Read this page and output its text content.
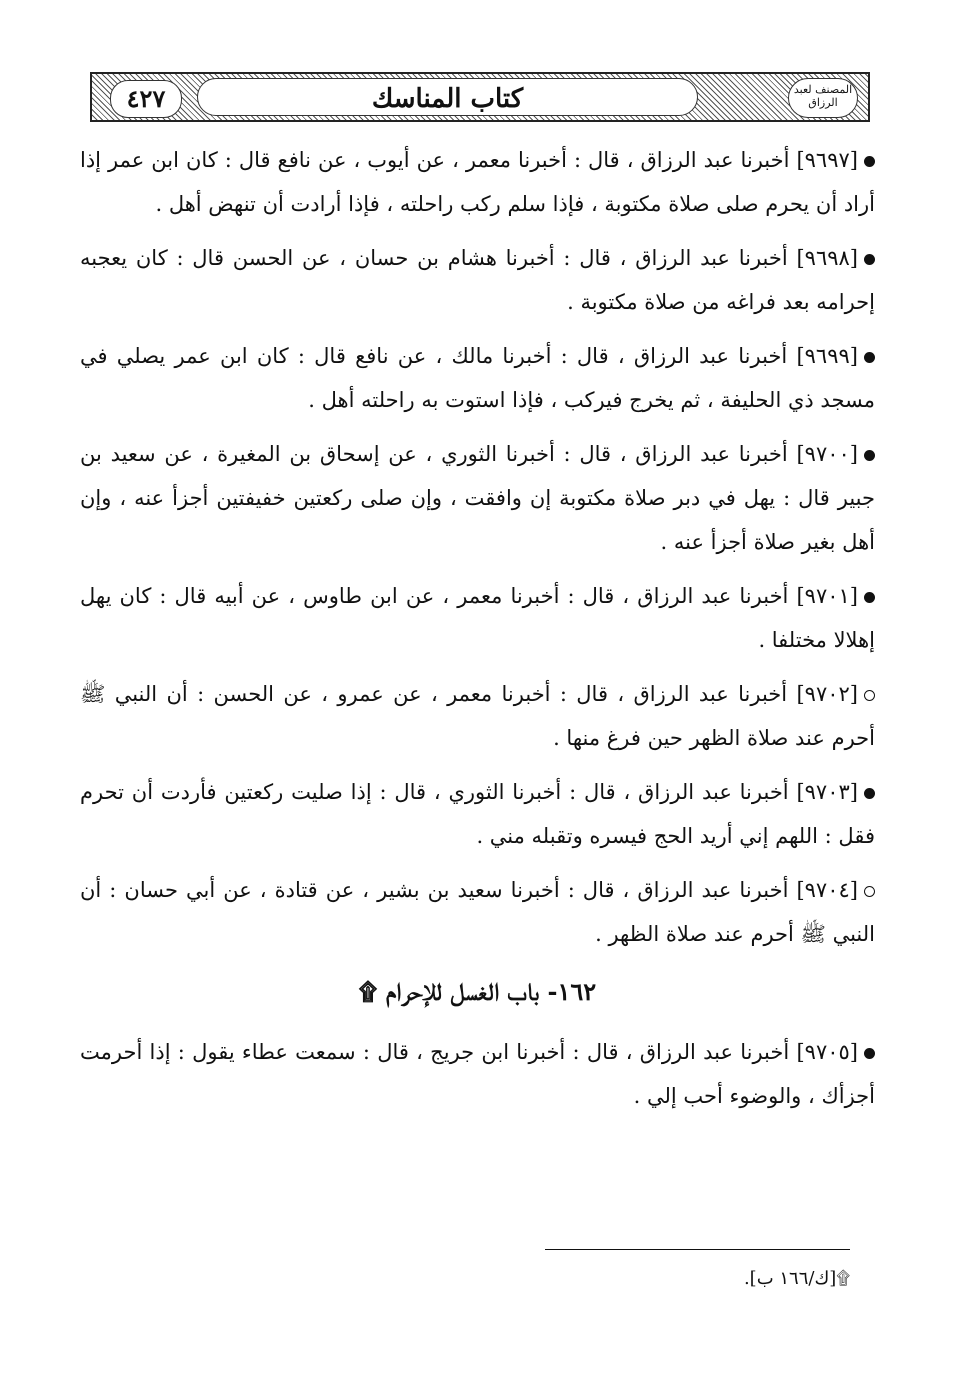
٤٢٧	كتاب المناسك	المصنف لعبد الرزاق
[٩٦٩٧] أخبرنا عبد الرزاق ، قال : أخبرنا معمر ، عن أيوب ، عن نافع قال : كان ابن عمر إذا أراد أن يحرم صلى صلاة مكتوبة ، فإذا سلم ركب راحلته ، فإذا أرادت أن تنهض أهل .
[٩٦٩٨] أخبرنا عبد الرزاق ، قال : أخبرنا هشام بن حسان ، عن الحسن قال : كان يعجبه إحرامه بعد فراغه من صلاة مكتوبة .
[٩٦٩٩] أخبرنا عبد الرزاق ، قال : أخبرنا مالك ، عن نافع قال : كان ابن عمر يصلي في مسجد ذي الحليفة ، ثم يخرج فيركب ، فإذا استوت به راحلته أهل .
[٩٧٠٠] أخبرنا عبد الرزاق ، قال : أخبرنا الثوري ، عن إسحاق بن المغيرة ، عن سعيد بن جبير قال : يهل في دبر صلاة مكتوبة إن وافقت ، وإن صلى ركعتين خفيفتين أجزأ عنه ، وإن أهل بغير صلاة أجزأ عنه .
[٩٧٠١] أخبرنا عبد الرزاق ، قال : أخبرنا معمر ، عن ابن طاوس ، عن أبيه قال : كان يهل إهلالا مختلفا .
[٩٧٠٢] أخبرنا عبد الرزاق ، قال : أخبرنا معمر ، عن عمرو ، عن الحسن : أن النبي ﷺ أحرم عند صلاة الظهر حين فرغ منها .
[٩٧٠٣] أخبرنا عبد الرزاق ، قال : أخبرنا الثوري ، قال : إذا صليت ركعتين فأردت أن تحرم فقل : اللهم إني أريد الحج فيسره وتقبله مني .
[٩٧٠٤] أخبرنا عبد الرزاق ، قال : أخبرنا سعيد بن بشير ، عن قتادة ، عن أبي حسان : أن النبي ﷺ أحرم عند صلاة الظهر .
١٦٢- باب الغسل للإحرام ۩
[٩٧٠٥] أخبرنا عبد الرزاق ، قال : أخبرنا ابن جريج ، قال : سمعت عطاء يقول : إذا أحرمت أجزأك ، والوضوء أحب إلي .
۩[ك/١٦٦ ب].
